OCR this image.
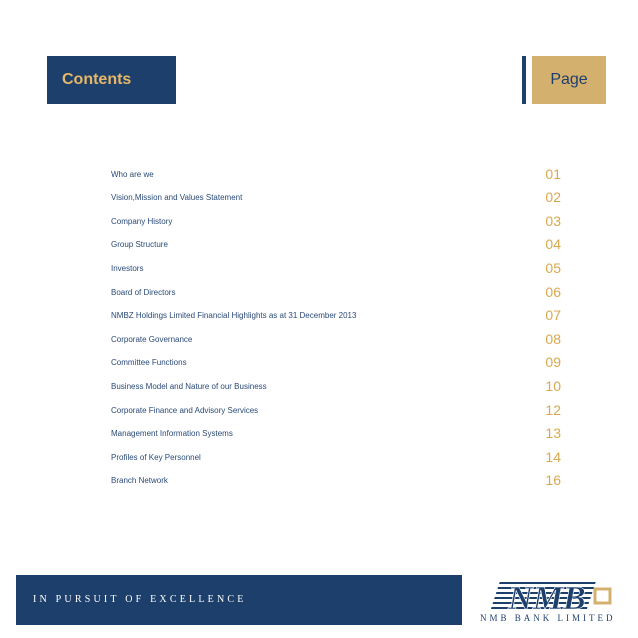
Contents	Page
Who are we	01
Vision,Mission and Values Statement	02
Company History	03
Group Structure	04
Investors	05
Board of Directors	06
NMBZ Holdings Limited Financial Highlights as at 31 December 2013	07
Corporate Governance	08
Committee Functions	09
Business Model and Nature of our Business	10
Corporate Finance and Advisory Services	12
Management Information Systems	13
Profiles of Key Personnel	14
Branch Network	16
IN PURSUIT OF EXCELLENCE	NMB
NMB BANK LIMITED
